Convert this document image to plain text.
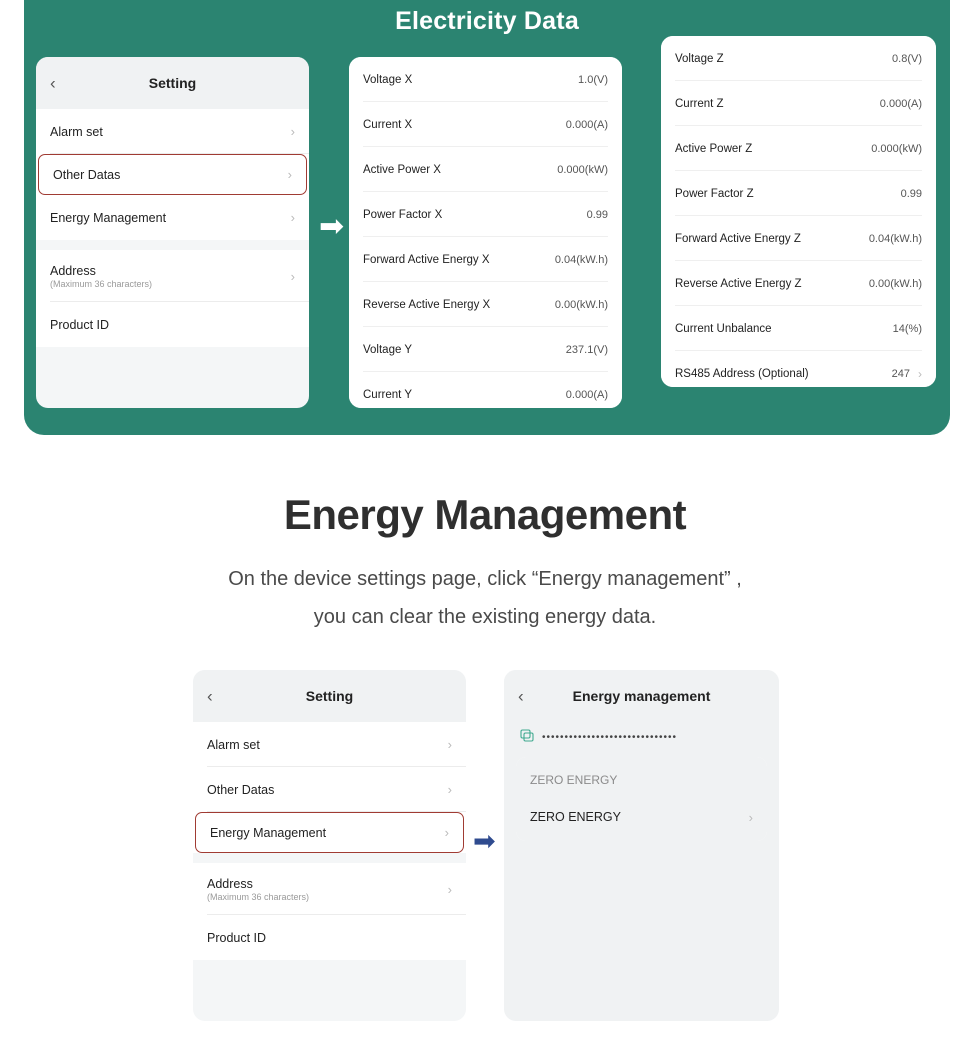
Electricity Data
‹	Setting
Alarm set	›
Other Datas	›
Energy Management	›
Address
(Maximum 36 characters)	›
Product ID
➡
Voltage X	1.0(V)
Current X	0.000(A)
Active Power X	0.000(kW)
Power Factor X	0.99
Forward Active Energy X	0.04(kW.h)
Reverse Active Energy X	0.00(kW.h)
Voltage Y	237.1(V)
Current Y	0.000(A)
Voltage Z	0.8(V)
Current Z	0.000(A)
Active Power Z	0.000(kW)
Power Factor Z	0.99
Forward Active Energy Z	0.04(kW.h)
Reverse Active Energy Z	0.00(kW.h)
Current Unbalance	14(%)
RS485 Address (Optional)	247 ›
Energy Management
On the device settings page, click “Energy management” ,
you can clear the existing energy data.
‹	Setting
Alarm set	›
Other Datas	›
Energy Management	›
Address
(Maximum 36 characters)	›
Product ID
➡
‹	Energy management
••••••••••••••••••••••••••••••
ZERO ENERGY
ZERO ENERGY	›
